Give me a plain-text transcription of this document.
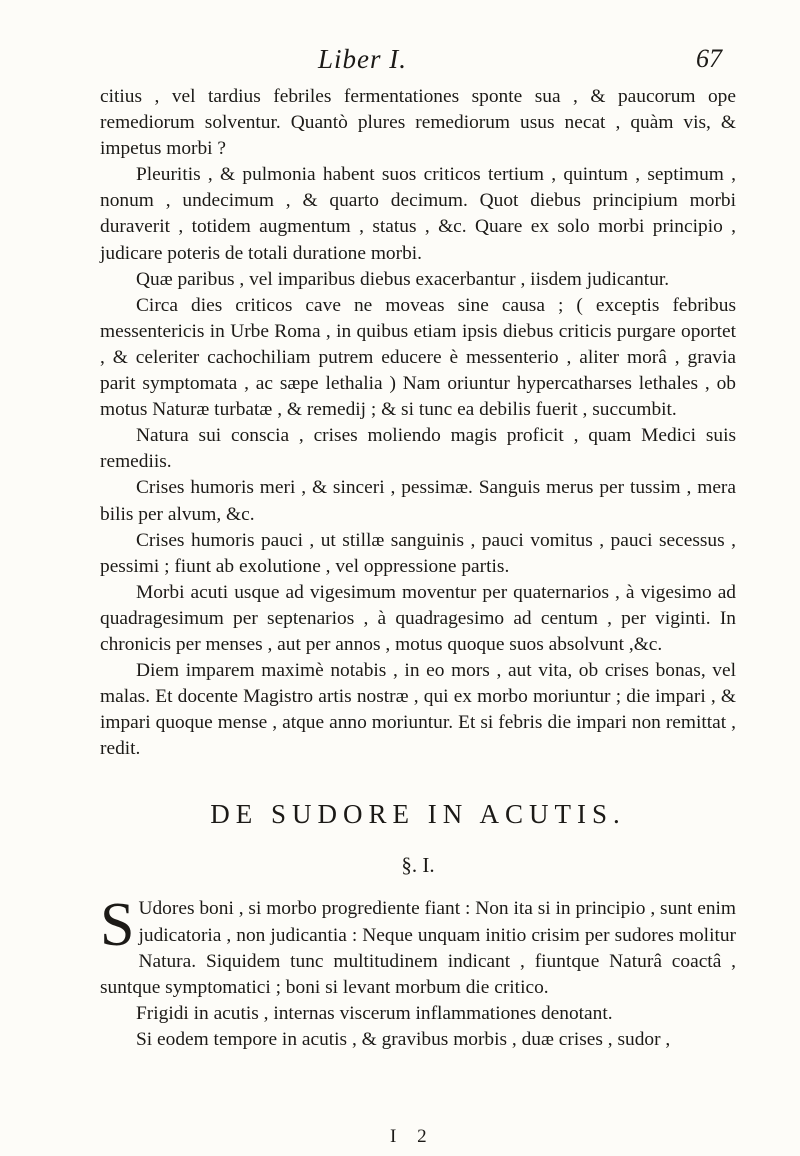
Liber I.	67

citius , vel tardius febriles fermentationes sponte sua , & paucorum ope remediorum solventur. Quantò plures remediorum usus necat , quàm vis, & impetus morbi ?

Pleuritis , & pulmonia habent suos criticos tertium , quintum , septimum , nonum , undecimum , & quarto decimum. Quot diebus principium morbi duraverit , totidem augmentum , status , &c. Quare ex solo morbi principio , judicare poteris de totali duratione morbi.

Quæ paribus , vel imparibus diebus exacerbantur , iisdem judicantur.

Circa dies criticos cave ne moveas sine causa ; ( exceptis febribus messentericis in Urbe Roma , in quibus etiam ipsis diebus criticis purgare oportet , & celeriter cachochiliam putrem educere è messenterio , aliter morâ , gravia parit symptomata , ac sæpe lethalia ) Nam oriuntur hypercatharses lethales , ob motus Naturæ turbatæ , & remedij ; & si tunc ea debilis fuerit , succumbit.

Natura sui conscia , crises moliendo magis proficit , quam Medici suis remediis.

Crises humoris meri , & sinceri , pessimæ. Sanguis merus per tussim , mera bilis per alvum, &c.

Crises humoris pauci , ut stillæ sanguinis , pauci vomitus , pauci secessus , pessimi ; fiunt ab exolutione , vel oppressione partis.

Morbi acuti usque ad vigesimum moventur per quaternarios , à vigesimo ad quadragesimum per septenarios , à quadragesimo ad centum , per viginti. In chronicis per menses , aut per annos , motus quoque suos absolvunt ,&c.

Diem imparem maximè notabis , in eo mors , aut vita, ob crises bonas, vel malas. Et docente Magistro artis nostræ , qui ex morbo moriuntur ; die impari , & impari quoque mense , atque anno moriuntur. Et si febris die impari non remittat , redit.

DE SUDORE IN ACUTIS.
§. I.

S Udores boni , si morbo progrediente fiant : Non ita si in principio , sunt enim judicatoria , non judicantia : Neque unquam initio crisim per sudores molitur Natura. Siquidem tunc multitudinem indicant , fiuntque Naturâ coactâ , suntque symptomatici ; boni si levant morbum die critico.

Frigidi in acutis , internas viscerum inflammationes denotant.

Si eodem tempore in acutis , & gravibus morbis , duæ crises , sudor ,

I 2
